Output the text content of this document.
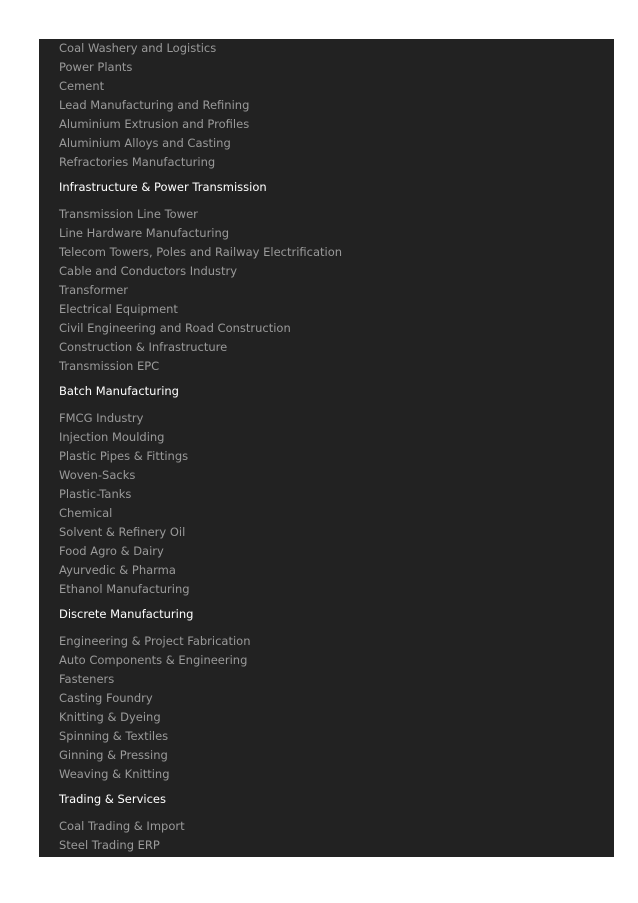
Coal Washery and Logistics
Power Plants
Cement
Lead Manufacturing and Refining
Aluminium Extrusion and Profiles
Aluminium Alloys and Casting
Refractories Manufacturing
Infrastructure & Power Transmission
Transmission Line Tower
Line Hardware Manufacturing
Telecom Towers, Poles and Railway Electrification
Cable and Conductors Industry
Transformer
Electrical Equipment
Civil Engineering and Road Construction
Construction & Infrastructure
Transmission EPC
Batch Manufacturing
FMCG Industry
Injection Moulding
Plastic Pipes & Fittings
Woven-Sacks
Plastic-Tanks
Chemical
Solvent & Refinery Oil
Food Agro & Dairy
Ayurvedic & Pharma
Ethanol Manufacturing
Discrete Manufacturing
Engineering & Project Fabrication
Auto Components & Engineering
Fasteners
Casting Foundry
Knitting & Dyeing
Spinning & Textiles
Ginning & Pressing
Weaving & Knitting
Trading & Services
Coal Trading & Import
Steel Trading ERP
